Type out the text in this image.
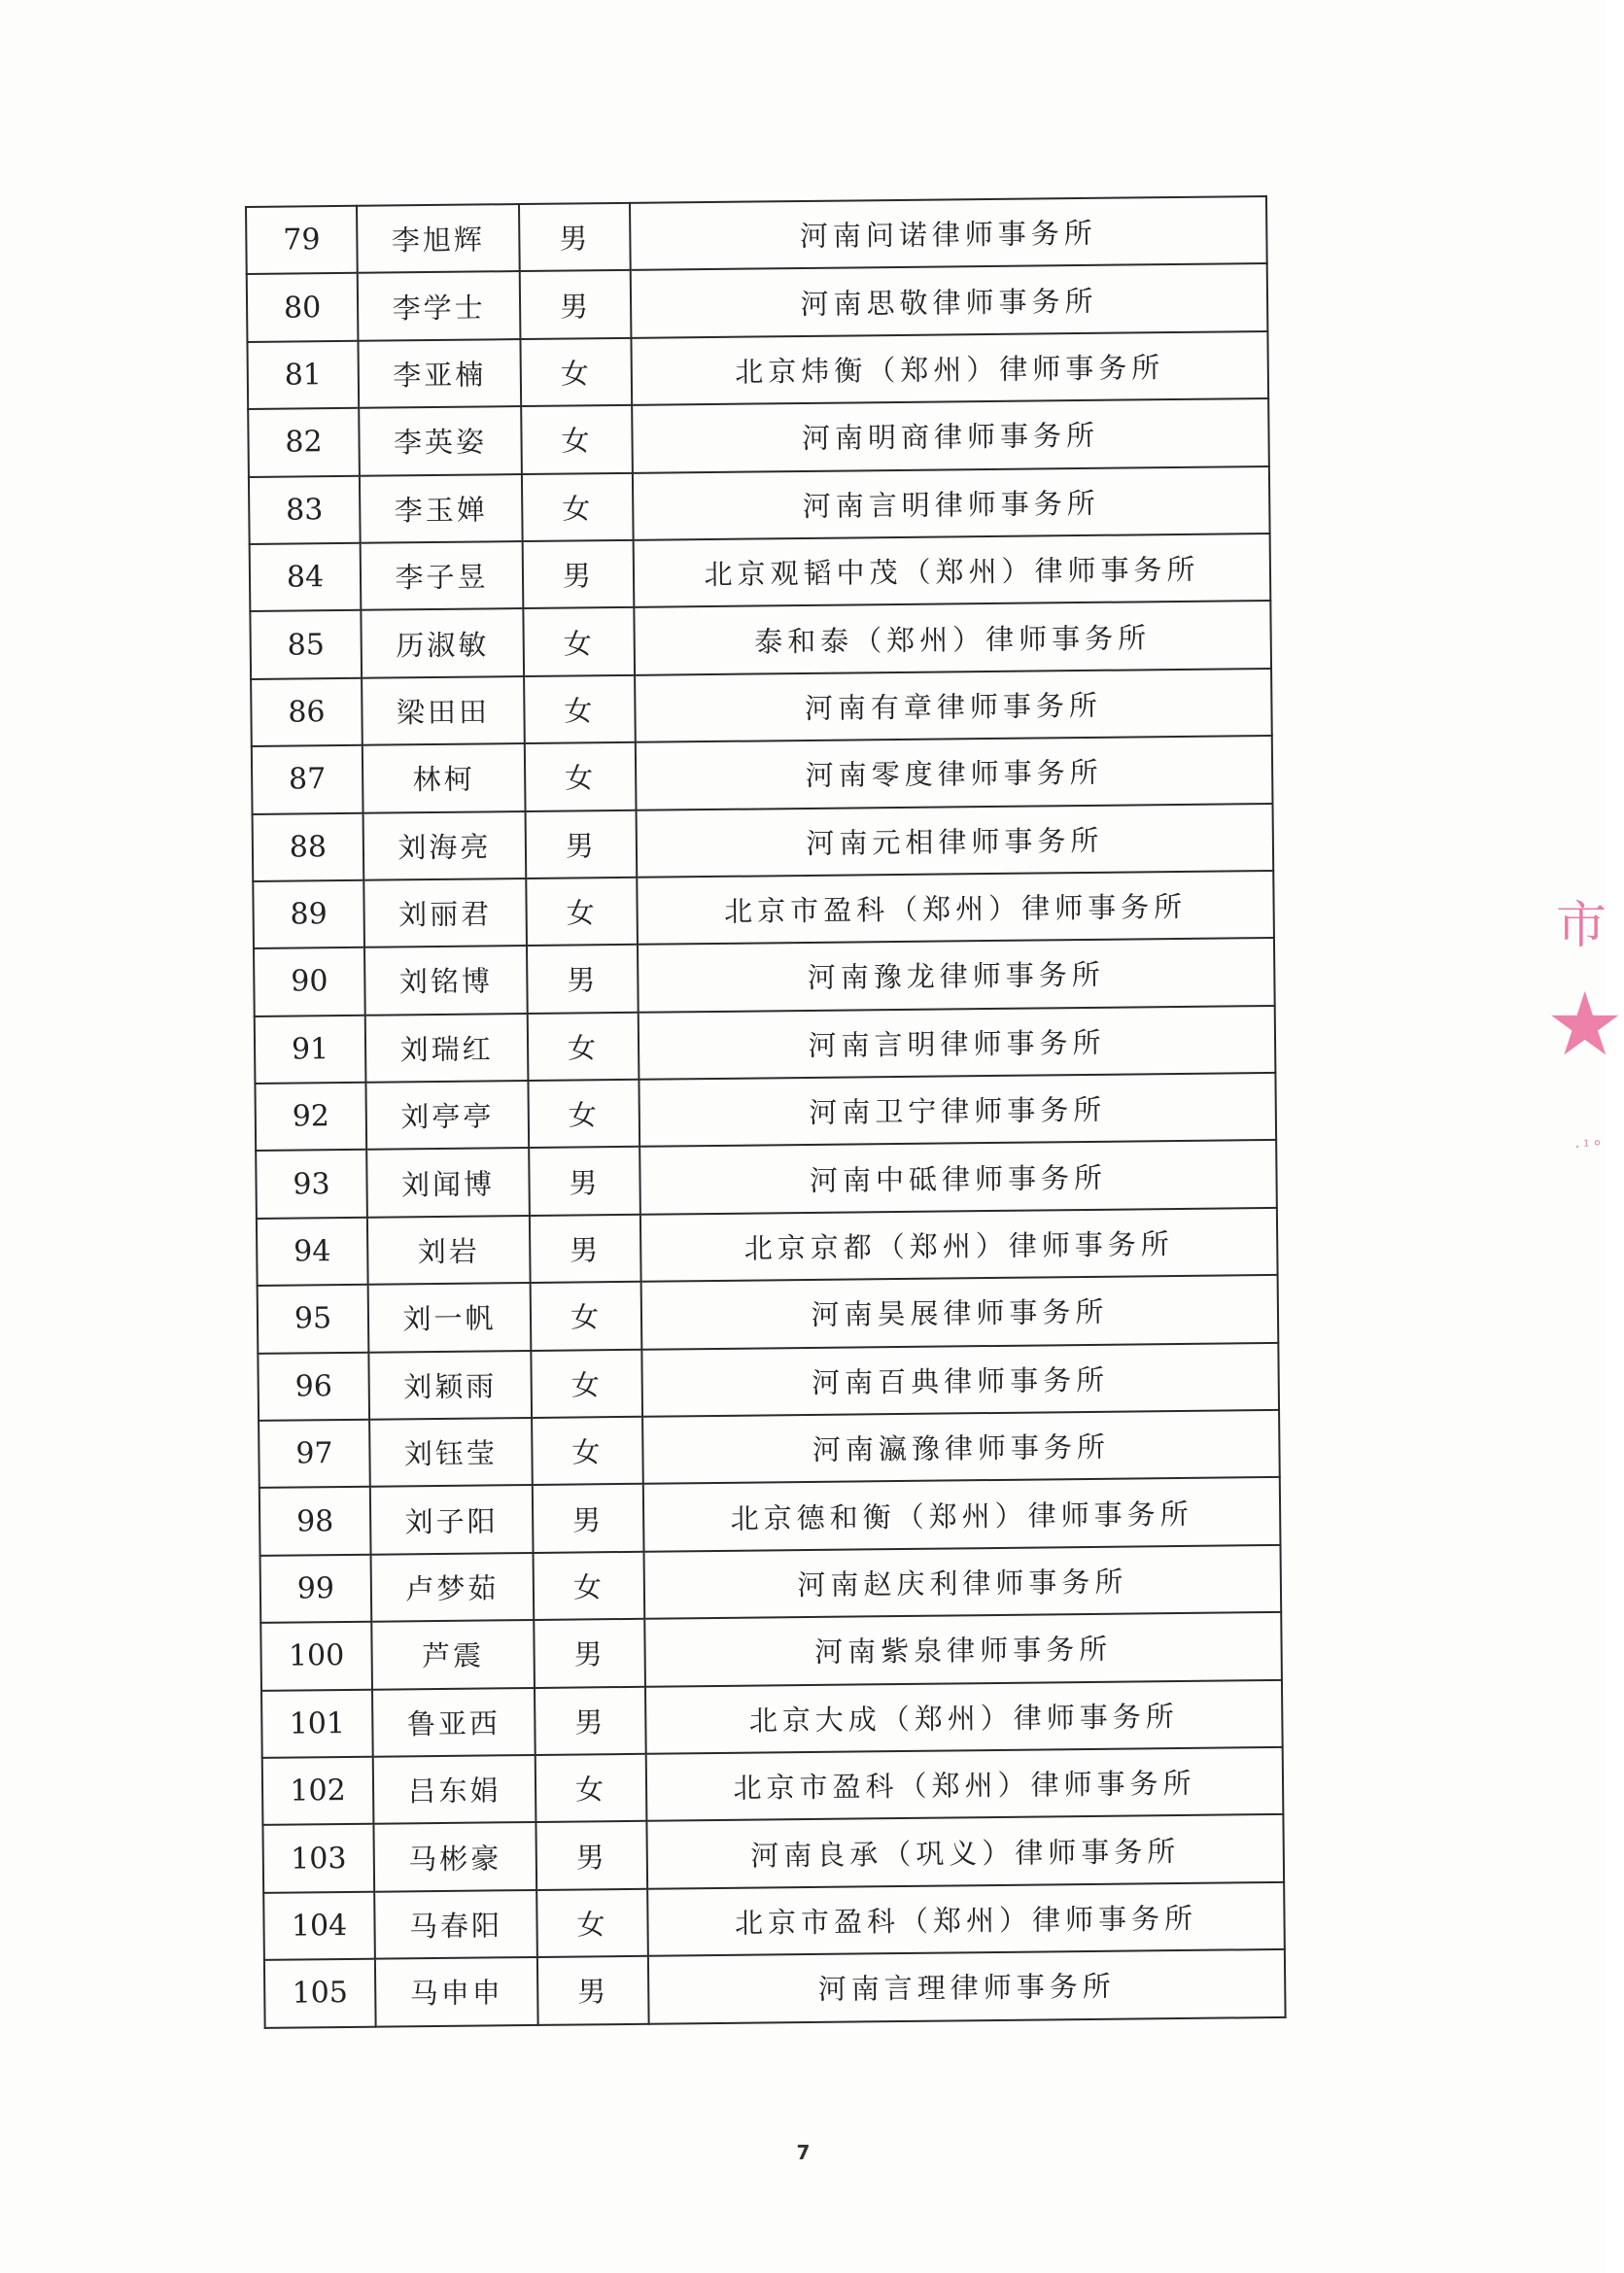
79	李旭辉	男	河南问诺律师事务所
80	李学士	男	河南思敬律师事务所
81	李亚楠	女	北京炜衡（郑州）律师事务所
82	李英姿	女	河南明商律师事务所
83	李玉婵	女	河南言明律师事务所
84	李子昱	男	北京观韬中茂（郑州）律师事务所
85	历淑敏	女	泰和泰（郑州）律师事务所
86	梁田田	女	河南有章律师事务所
87	林柯	女	河南零度律师事务所
88	刘海亮	男	河南元相律师事务所
89	刘丽君	女	北京市盈科（郑州）律师事务所
90	刘铭博	男	河南豫龙律师事务所
91	刘瑞红	女	河南言明律师事务所
92	刘亭亭	女	河南卫宁律师事务所
93	刘闻博	男	河南中砥律师事务所
94	刘岩	男	北京京都（郑州）律师事务所
95	刘一帆	女	河南昊展律师事务所
96	刘颖雨	女	河南百典律师事务所
97	刘钰莹	女	河南瀛豫律师事务所
98	刘子阳	男	北京德和衡（郑州）律师事务所
99	卢梦茹	女	河南赵庆利律师事务所
100	芦震	男	河南紫泉律师事务所
101	鲁亚西	男	北京大成（郑州）律师事务所
102	吕东娟	女	北京市盈科（郑州）律师事务所
103	马彬豪	男	河南良承（巩义）律师事务所
104	马春阳	女	北京市盈科（郑州）律师事务所
105	马申申	男	河南言理律师事务所
7
市
★
·¹°
